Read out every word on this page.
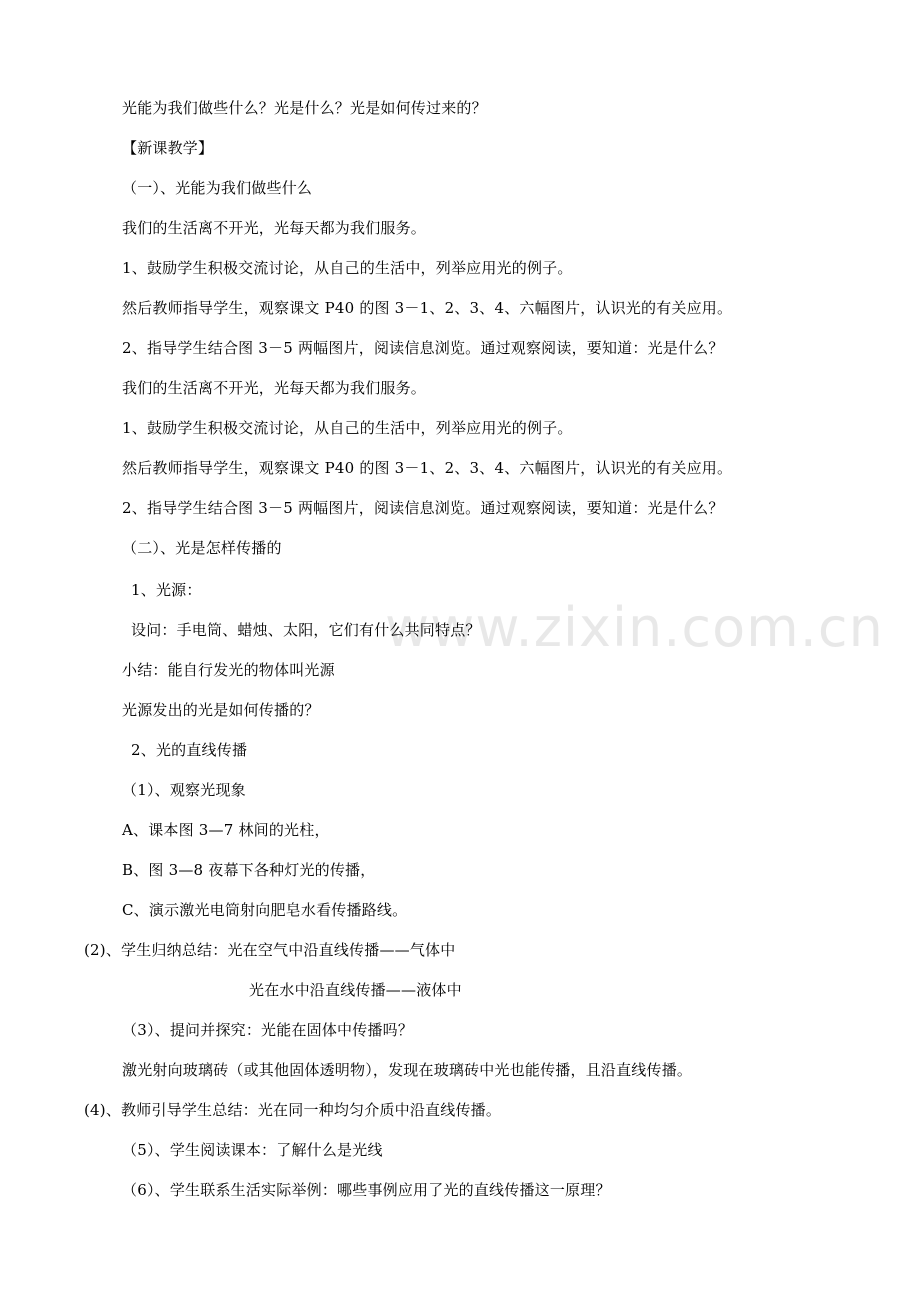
光能为我们做些什么？光是什么？光是如何传过来的？
【新课教学】
（一）、光能为我们做些什么
我们的生活离不开光，光每天都为我们服务。
1、鼓励学生积极交流讨论，从自己的生活中，列举应用光的例子。
然后教师指导学生，观察课文 P40 的图 3－1、2、3、4、六幅图片，认识光的有关应用。
2、指导学生结合图 3－5 两幅图片，阅读信息浏览。通过观察阅读，要知道：光是什么？
我们的生活离不开光，光每天都为我们服务。
1、鼓励学生积极交流讨论，从自己的生活中，列举应用光的例子。
然后教师指导学生，观察课文 P40 的图 3－1、2、3、4、六幅图片，认识光的有关应用。
2、指导学生结合图 3－5 两幅图片，阅读信息浏览。通过观察阅读，要知道：光是什么？
（二）、光是怎样传播的
1、光源：
设问：手电筒、蜡烛、太阳，它们有什么共同特点？
小结：能自行发光的物体叫光源
光源发出的光是如何传播的？
2、光的直线传播
（1）、观察光现象
A、课本图 3—7 林间的光柱，
B、图 3—8 夜幕下各种灯光的传播，
C、演示激光电筒射向肥皂水看传播路线。
(2)、学生归纳总结：光在空气中沿直线传播——气体中
光在水中沿直线传播——液体中
（3）、提问并探究：光能在固体中传播吗？
激光射向玻璃砖（或其他固体透明物），发现在玻璃砖中光也能传播，且沿直线传播。
(4)、教师引导学生总结：光在同一种均匀介质中沿直线传播。
（5）、学生阅读课本：了解什么是光线
（6）、学生联系生活实际举例：哪些事例应用了光的直线传播这一原理？
www.zixin.com.cn
